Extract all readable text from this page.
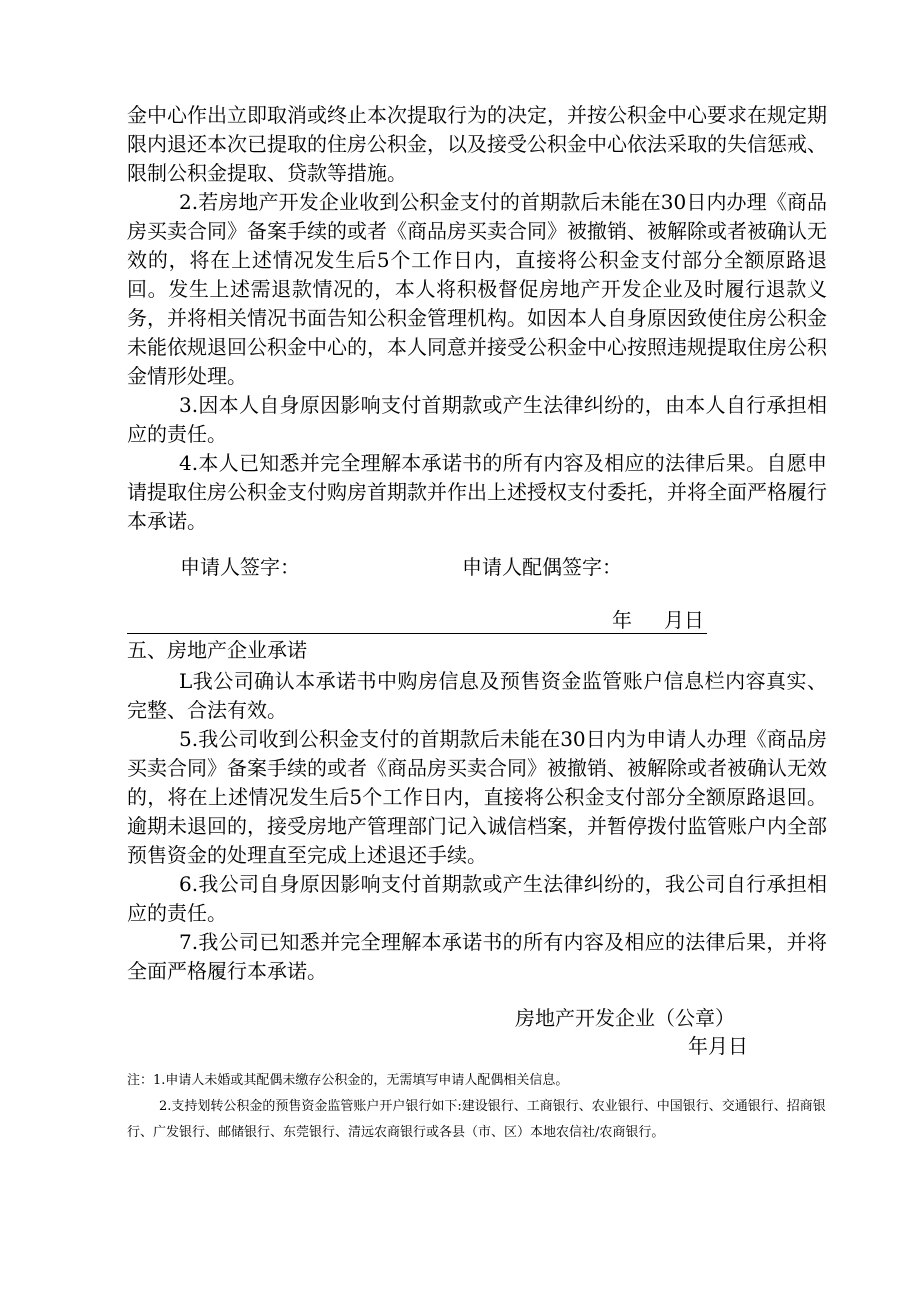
金中心作出立即取消或终止本次提取行为的决定，并按公积金中心要求在规定期限内退还本次已提取的住房公积金，以及接受公积金中心依法采取的失信惩戒、限制公积金提取、贷款等措施。

2.若房地产开发企业收到公积金支付的首期款后未能在30日内办理《商品房买卖合同》备案手续的或者《商品房买卖合同》被撤销、被解除或者被确认无效的，将在上述情况发生后5个工作日内，直接将公积金支付部分全额原路退回。发生上述需退款情况的，本人将积极督促房地产开发企业及时履行退款义务，并将相关情况书面告知公积金管理机构。如因本人自身原因致使住房公积金未能依规退回公积金中心的，本人同意并接受公积金中心按照违规提取住房公积金情形处理。

3.因本人自身原因影响支付首期款或产生法律纠纷的，由本人自行承担相应的责任。

4.本人已知悉并完全理解本承诺书的所有内容及相应的法律后果。自愿申请提取住房公积金支付购房首期款并作出上述授权支付委托，并将全面严格履行本承诺。

申请人签字：	申请人配偶签字：
年 月日
五、房地产企业承诺

L我公司确认本承诺书中购房信息及预售资金监管账户信息栏内容真实、完整、合法有效。

5.我公司收到公积金支付的首期款后未能在30日内为申请人办理《商品房买卖合同》备案手续的或者《商品房买卖合同》被撤销、被解除或者被确认无效的，将在上述情况发生后5个工作日内，直接将公积金支付部分全额原路退回。逾期未退回的，接受房地产管理部门记入诚信档案，并暂停拨付监管账户内全部预售资金的处理直至完成上述退还手续。

6.我公司自身原因影响支付首期款或产生法律纠纷的，我公司自行承担相应的责任。

7.我公司已知悉并完全理解本承诺书的所有内容及相应的法律后果，并将全面严格履行本承诺。

房地产开发企业（公章）
年月日

注：1.申请人未婚或其配偶未缴存公积金的，无需填写申请人配偶相关信息。

2.支持划转公积金的预售资金监管账户开户银行如下:建设银行、工商银行、农业银行、中国银行、交通银行、招商银行、广发银行、邮储银行、东莞银行、清远农商银行或各县（市、区）本地农信社/农商银行。
